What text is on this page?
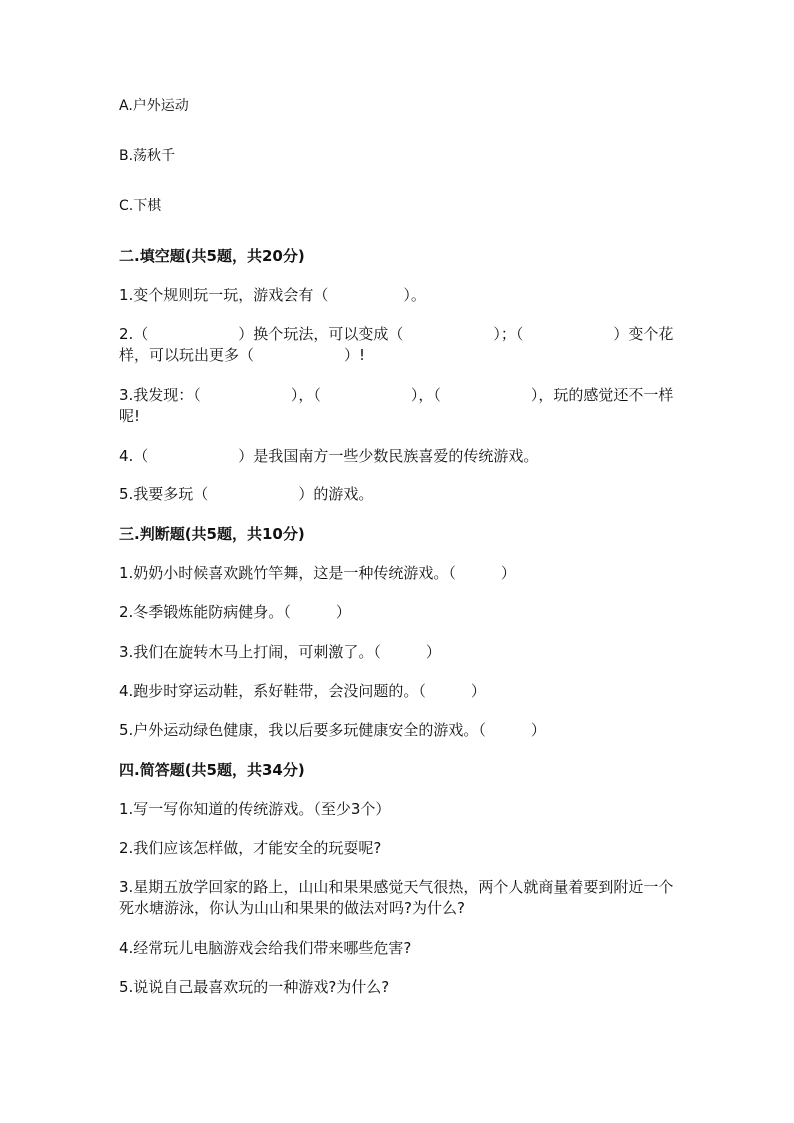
A.户外运动
B.荡秋千
C.下棋
二.填空题(共5题，共20分)
1.变个规则玩一玩，游戏会有（　　　　　）。
2.（　　　　　　）换个玩法，可以变成（　　　　　　）；（　　　　　　）变个花样，可以玩出更多（　　　　　　）!
3.我发现：（　　　　　　），（　　　　　　），（　　　　　　），玩的感觉还不一样呢!
4.（　　　　　　）是我国南方一些少数民族喜爱的传统游戏。
5.我要多玩（　　　　　　）的游戏。
三.判断题(共5题，共10分)
1.奶奶小时候喜欢跳竹竿舞，这是一种传统游戏。（　　　）
2.冬季锻炼能防病健身。（　　　）
3.我们在旋转木马上打闹，可刺激了。（　　　）
4.跑步时穿运动鞋，系好鞋带，会没问题的。（　　　）
5.户外运动绿色健康，我以后要多玩健康安全的游戏。（　　　）
四.简答题(共5题，共34分)
1.写一写你知道的传统游戏。（至少3个）
2.我们应该怎样做，才能安全的玩耍呢?
3.星期五放学回家的路上，山山和果果感觉天气很热，两个人就商量着要到附近一个死水塘游泳，你认为山山和果果的做法对吗?为什么?
4.经常玩儿电脑游戏会给我们带来哪些危害?
5.说说自己最喜欢玩的一种游戏?为什么?
